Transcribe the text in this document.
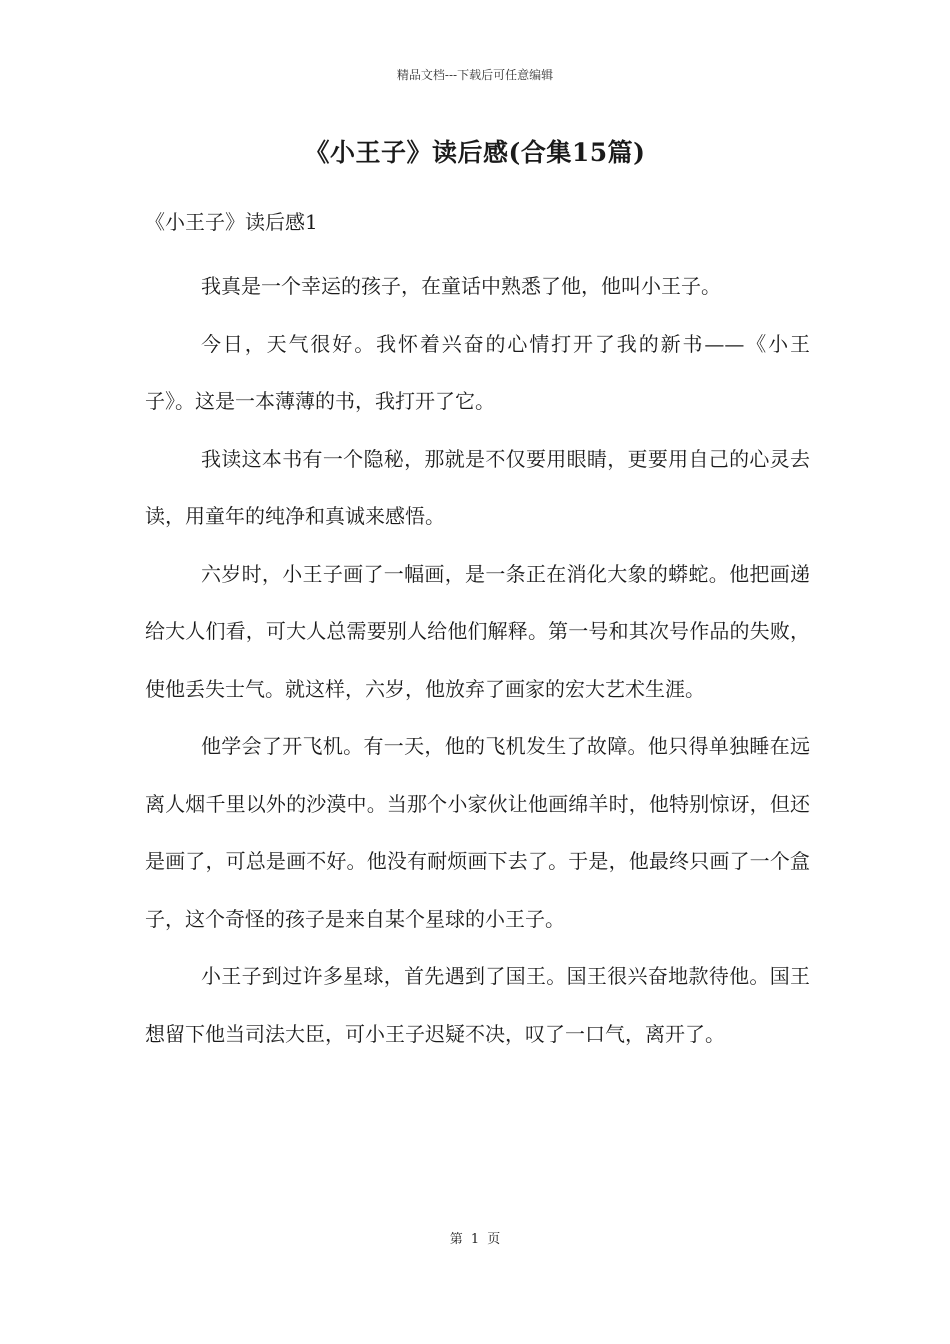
精品文档---下载后可任意编辑
《小王子》读后感(合集15篇)
《小王子》读后感1

我真是一个幸运的孩子，在童话中熟悉了他，他叫小王子。

今日，天气很好。我怀着兴奋的心情打开了我的新书——《小王子》。这是一本薄薄的书，我打开了它。

我读这本书有一个隐秘，那就是不仅要用眼睛，更要用自己的心灵去读，用童年的纯净和真诚来感悟。

六岁时，小王子画了一幅画，是一条正在消化大象的蟒蛇。他把画递给大人们看，可大人总需要别人给他们解释。第一号和其次号作品的失败，使他丢失士气。就这样，六岁，他放弃了画家的宏大艺术生涯。

他学会了开飞机。有一天，他的飞机发生了故障。他只得单独睡在远离人烟千里以外的沙漠中。当那个小家伙让他画绵羊时，他特别惊讶，但还是画了，可总是画不好。他没有耐烦画下去了。于是，他最终只画了一个盒子，这个奇怪的孩子是来自某个星球的小王子。

小王子到过许多星球，首先遇到了国王。国王很兴奋地款待他。国王想留下他当司法大臣，可小王子迟疑不决，叹了一口气，离开了。

第 1 页
